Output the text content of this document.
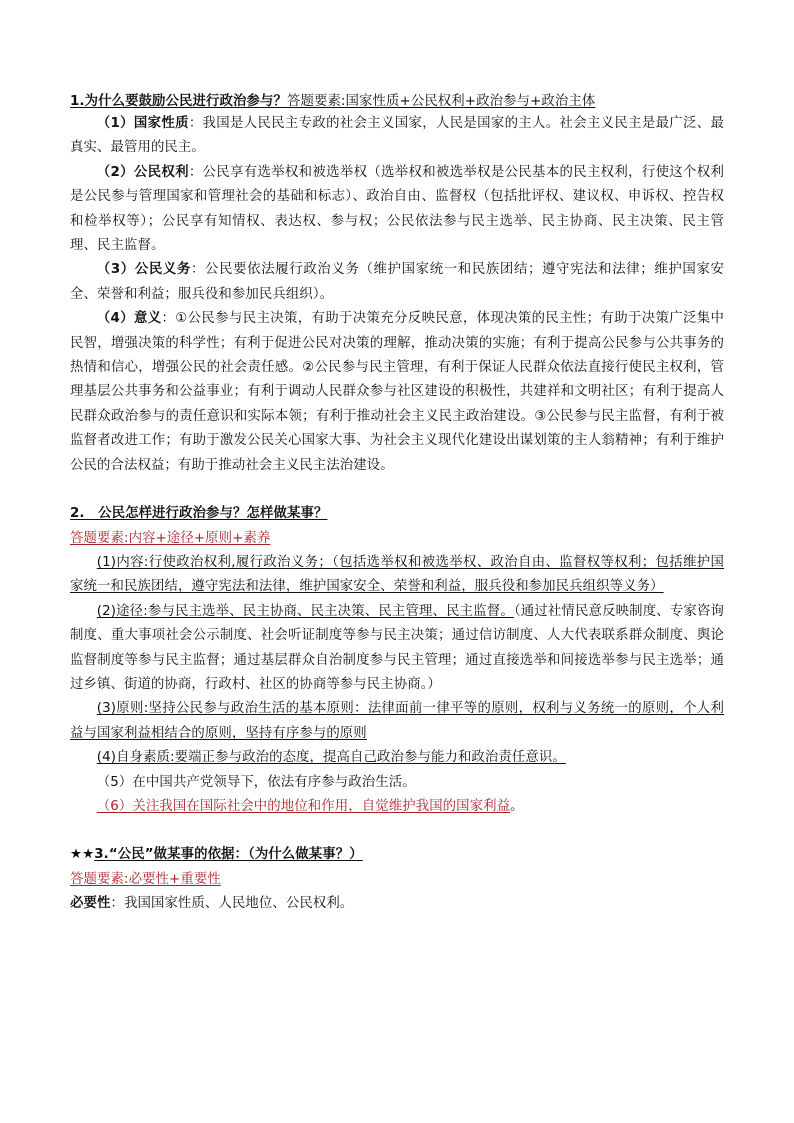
1.为什么要鼓励公民进行政治参与？答题要素:国家性质+公民权利+政治参与+政治主体

（1）国家性质：我国是人民民主专政的社会主义国家，人民是国家的主人。社会主义民主是最广泛、最真实、最管用的民主。

（2）公民权利：公民享有选举权和被选举权（选举权和被选举权是公民基本的民主权利，行使这个权利是公民参与管理国家和管理社会的基础和标志）、政治自由、监督权（包括批评权、建议权、申诉权、控告权和检举权等）；公民享有知情权、表达权、参与权；公民依法参与民主选举、民主协商、民主决策、民主管理、民主监督。

（3）公民义务：公民要依法履行政治义务（维护国家统一和民族团结；遵守宪法和法律；维护国家安全、荣誉和利益；服兵役和参加民兵组织）。

（4）意义：①公民参与民主决策，有助于决策充分反映民意，体现决策的民主性；有助于决策广泛集中民智，增强决策的科学性；有利于促进公民对决策的理解，推动决策的实施；有利于提高公民参与公共事务的热情和信心，增强公民的社会责任感。②公民参与民主管理，有利于保证人民群众依法直接行使民主权利，管理基层公共事务和公益事业；有利于调动人民群众参与社区建设的积极性，共建祥和文明社区；有利于提高人民群众政治参与的责任意识和实际本领；有利于推动社会主义民主政治建设。③公民参与民主监督，有利于被监督者改进工作；有助于激发公民关心国家大事、为社会主义现代化建设出谋划策的主人翁精神；有利于维护公民的合法权益；有助于推动社会主义民主法治建设。

2.　公民怎样进行政治参与？怎样做某事？

答题要素:内容+途径+原则+素养

(1)内容:行使政治权利,履行政治义务；（包括选举权和被选举权、政治自由、监督权等权利；包括维护国家统一和民族团结，遵守宪法和法律，维护国家安全、荣誉和利益，服兵役和参加民兵组织等义务）

(2)途径:参与民主选举、民主协商、民主决策、民主管理、民主监督。（通过社情民意反映制度、专家咨询制度、重大事项社会公示制度、社会听证制度等参与民主决策；通过信访制度、人大代表联系群众制度、舆论监督制度等参与民主监督；通过基层群众自治制度参与民主管理；通过直接选举和间接选举参与民主选举；通过乡镇、街道的协商，行政村、社区的协商等参与民主协商。）

(3)原则:坚持公民参与政治生活的基本原则：法律面前一律平等的原则，权利与义务统一的原则，个人利益与国家利益相结合的原则，坚持有序参与的原则

(4)自身素质:要端正参与政治的态度，提高自己政治参与能力和政治责任意识。

（5）在中国共产党领导下，依法有序参与政治生活。

（6）关注我国在国际社会中的地位和作用，自觉维护我国的国家利益。

★★3.“公民”做某事的依据：（为什么做某事？）

答题要素:必要性+重要性

必要性：我国国家性质、人民地位、公民权利。
